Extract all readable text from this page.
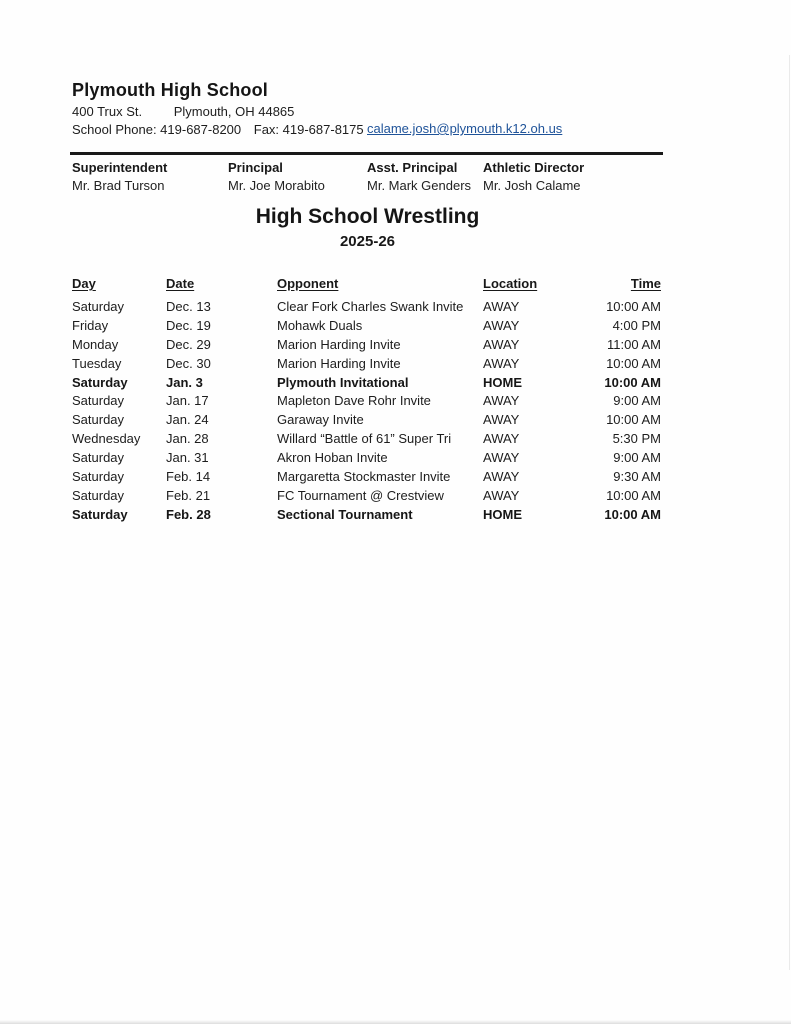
Plymouth High School
400 Trux St. Plymouth, OH 44865
School Phone: 419-687-8200 Fax: 419-687-8175 calame.josh@plymouth.k12.oh.us
Superintendent	Principal	Asst. Principal	Athletic Director
Mr. Brad Turson	Mr. Joe Morabito	Mr. Mark Genders Mr. Josh Calame
High School Wrestling
2025-26
Day	Date	Opponent	Location	Time
Saturday	Dec. 13	Clear Fork Charles Swank Invite	AWAY	10:00 AM
Friday	Dec. 19	Mohawk Duals	AWAY	4:00 PM
Monday	Dec. 29	Marion Harding Invite	AWAY	11:00 AM
Tuesday	Dec. 30	Marion Harding Invite	AWAY	10:00 AM
Saturday	Jan. 3	Plymouth Invitational	HOME	10:00 AM
Saturday	Jan. 17	Mapleton Dave Rohr Invite	AWAY	9:00 AM
Saturday	Jan. 24	Garaway Invite	AWAY	10:00 AM
Wednesday	Jan. 28	Willard “Battle of 61” Super Tri	AWAY	5:30 PM
Saturday	Jan. 31	Akron Hoban Invite	AWAY	9:00 AM
Saturday	Feb. 14	Margaretta Stockmaster Invite	AWAY	9:30 AM
Saturday	Feb. 21	FC Tournament @ Crestview	AWAY	10:00 AM
Saturday	Feb. 28	Sectional Tournament	HOME	10:00 AM
